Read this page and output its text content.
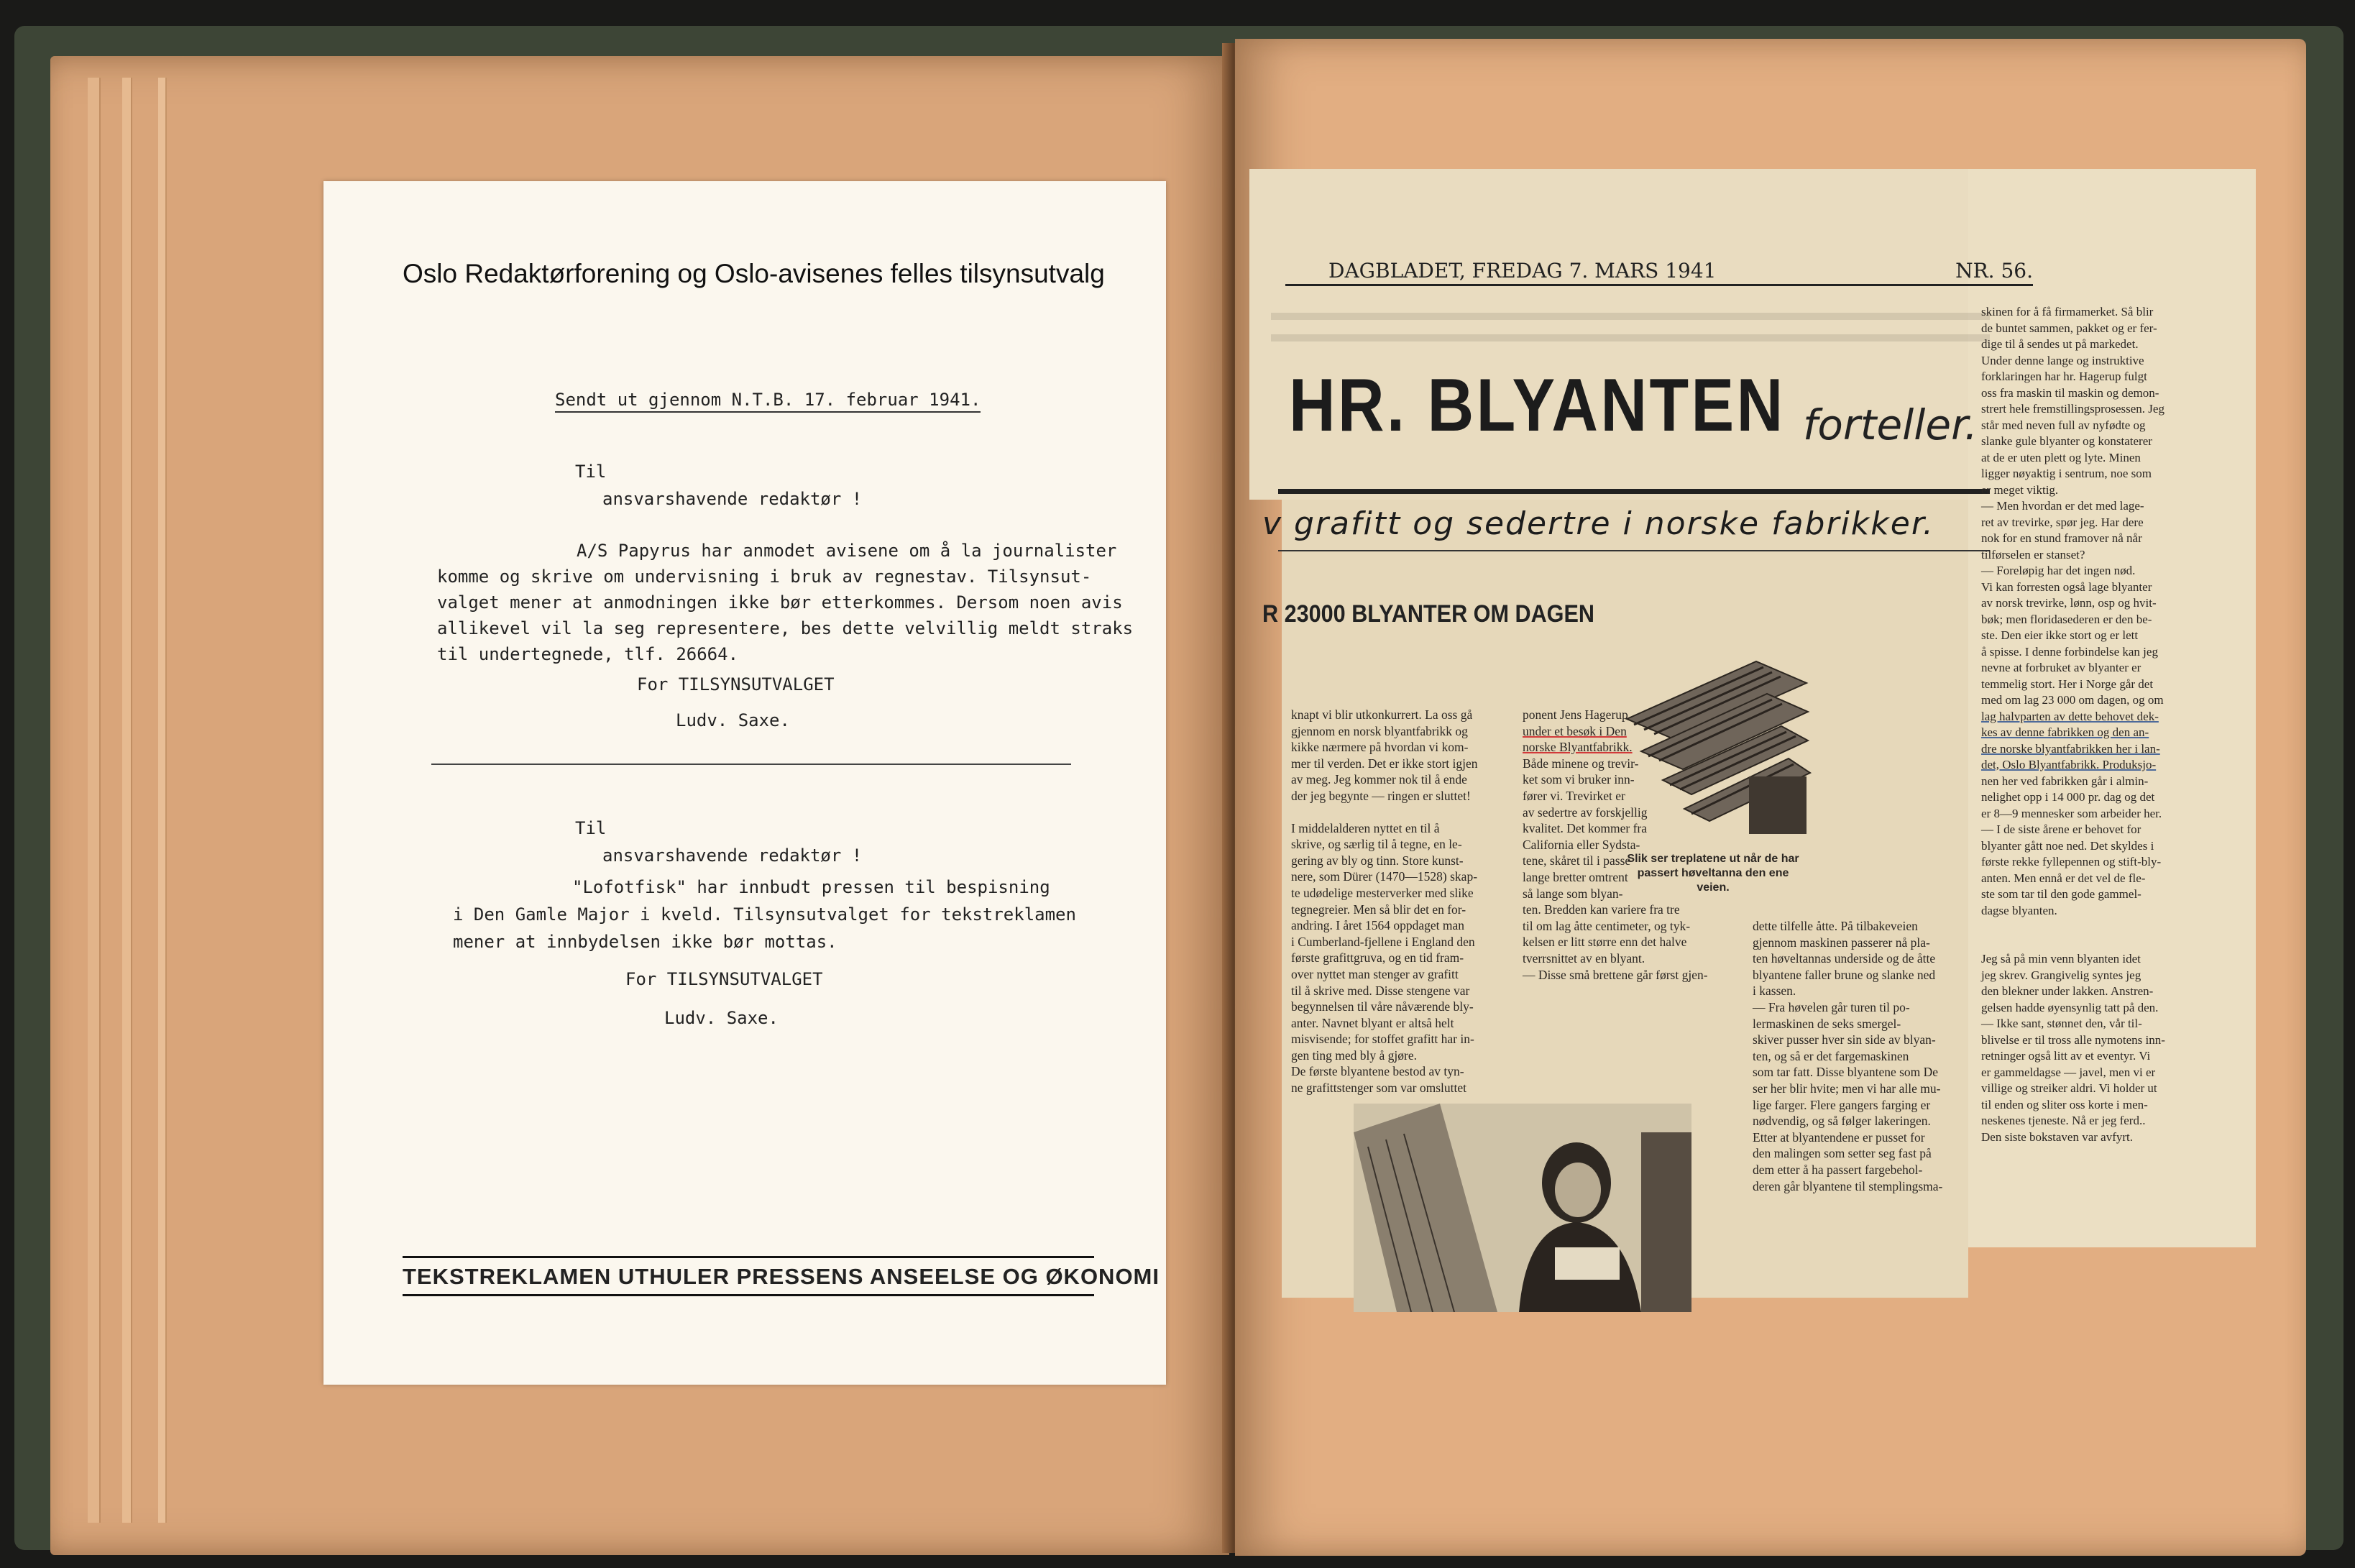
Oslo Redaktørforening og Oslo-avisenes felles tilsynsutvalg
Sendt ut gjennom N.T.B. 17. februar 1941.
Til
ansvarshavende redaktør !
A/S Papyrus har anmodet avisene om å la journalister
komme og skrive om undervisning i bruk av regnestav. Tilsynsut-
valget mener at anmodningen ikke bør etterkommes. Dersom noen avis
allikevel vil la seg representere, bes dette velvillig meldt straks
til undertegnede, tlf. 26664.
For TILSYNSUTVALGET
Ludv. Saxe.
Til
ansvarshavende redaktør !
"Lofotfisk" har innbudt pressen til bespisning
i Den Gamle Major i kveld. Tilsynsutvalget for tekstreklamen
mener at innbydelsen ikke bør mottas.
For TILSYNSUTVALGET
Ludv. Saxe.
TEKSTREKLAMEN UTHULER PRESSENS ANSEELSE OG ØKONOMI
DAGBLADET, FREDAG 7. MARS 1941	NR. 56.
HR. BLYANTEN forteller.
v grafitt og sedertre i norske fabrikker.
R 23000 BLYANTER OM DAGEN
Slik ser treplatene ut når de har passert høveltanna den ene veien.
knapt vi blir utkonkurrert. La oss gå
gjennom en norsk blyantfabrikk og
kikke nærmere på hvordan vi kom-
mer til verden. Det er ikke stort igjen
av meg. Jeg kommer nok til å ende
der jeg begynte — ringen er sluttet!
I middelalderen nyttet en til å
skrive, og særlig til å tegne, en le-
gering av bly og tinn. Store kunst-
nere, som Dürer (1470—1528) skap-
te udødelige mesterverker med slike
tegnegreier. Men så blir det en for-
andring. I året 1564 oppdaget man
i Cumberland-fjellene i England den
første grafittgruva, og en tid fram-
over nyttet man stenger av grafitt
til å skrive med. Disse stengene var
begynnelsen til våre nåværende bly-
anter. Navnet blyant er altså helt
misvisende; for stoffet grafitt har in-
gen ting med bly å gjøre.
De første blyantene bestod av tyn-
ne grafittstenger som var omsluttet
ponent Jens Hagerup
under et besøk i Den
norske Blyantfabrikk.
Både minene og trevir-
ket som vi bruker inn-
fører vi. Trevirket er
av sedertre av forskjellig
kvalitet. Det kommer fra
California eller Sydsta-
tene, skåret til i passe
lange bretter omtrent
så lange som blyan-
ten. Bredden kan variere fra tre
til om lag åtte centimeter, og tyk-
kelsen er litt større enn det halve
tverrsnittet av en blyant.
— Disse små brettene går først gjen-
dette tilfelle åtte. På tilbakeveien
gjennom maskinen passerer nå pla-
ten høveltannas underside og de åtte
blyantene faller brune og slanke ned
i kassen.
— Fra høvelen går turen til po-
lermaskinen de seks smergel-
skiver pusser hver sin side av blyan-
ten, og så er det fargemaskinen
som tar fatt. Disse blyantene som De
ser her blir hvite; men vi har alle mu-
lige farger. Flere gangers farging er
nødvendig, og så følger lakeringen.
Etter at blyantendene er pusset for
den malingen som setter seg fast på
dem etter å ha passert fargebehol-
deren går blyantene til stemplingsma-
skinen for å få firmamerket. Så blir
de buntet sammen, pakket og er fer-
dige til å sendes ut på markedet.
Under denne lange og instruktive
forklaringen har hr. Hagerup fulgt
oss fra maskin til maskin og demon-
strert hele fremstillingsprosessen. Jeg
står med neven full av nyfødte og
slanke gule blyanter og konstaterer
at de er uten plett og lyte. Minen
ligger nøyaktig i sentrum, noe som
er meget viktig.
— Men hvordan er det med lage-
ret av trevirke, spør jeg. Har dere
nok for en stund framover nå når
tilførselen er stanset?
— Foreløpig har det ingen nød.
Vi kan forresten også lage blyanter
av norsk trevirke, lønn, osp og hvit-
bøk; men floridasederen er den be-
ste. Den eier ikke stort og er lett
å spisse. I denne forbindelse kan jeg
nevne at forbruket av blyanter er
temmelig stort. Her i Norge går det
med om lag 23 000 om dagen, og om
lag halvparten av dette behovet dek-
kes av denne fabrikken og den an-
dre norske blyantfabrikken her i lan-
det, Oslo Blyantfabrikk. Produksjo-
nen her ved fabrikken går i almin-
nelighet opp i 14 000 pr. dag og det
er 8—9 mennesker som arbeider her.
— I de siste årene er behovet for
blyanter gått noe ned. Det skyldes i
første rekke fyllepennen og stift-bly-
anten. Men ennå er det vel de fle-
ste som tar til den gode gammel-
dagse blyanten.
Jeg så på min venn blyanten idet
jeg skrev. Grangivelig syntes jeg
den blekner under lakken. Anstren-
gelsen hadde øyensynlig tatt på den.
— Ikke sant, stønnet den, vår til-
blivelse er til tross alle nymotens inn-
retninger også litt av et eventyr. Vi
er gammeldagse — javel, men vi er
villige og streiker aldri. Vi holder ut
til enden og sliter oss korte i men-
neskenes tjeneste. Nå er jeg ferd..
Den siste bokstaven var avfyrt.
